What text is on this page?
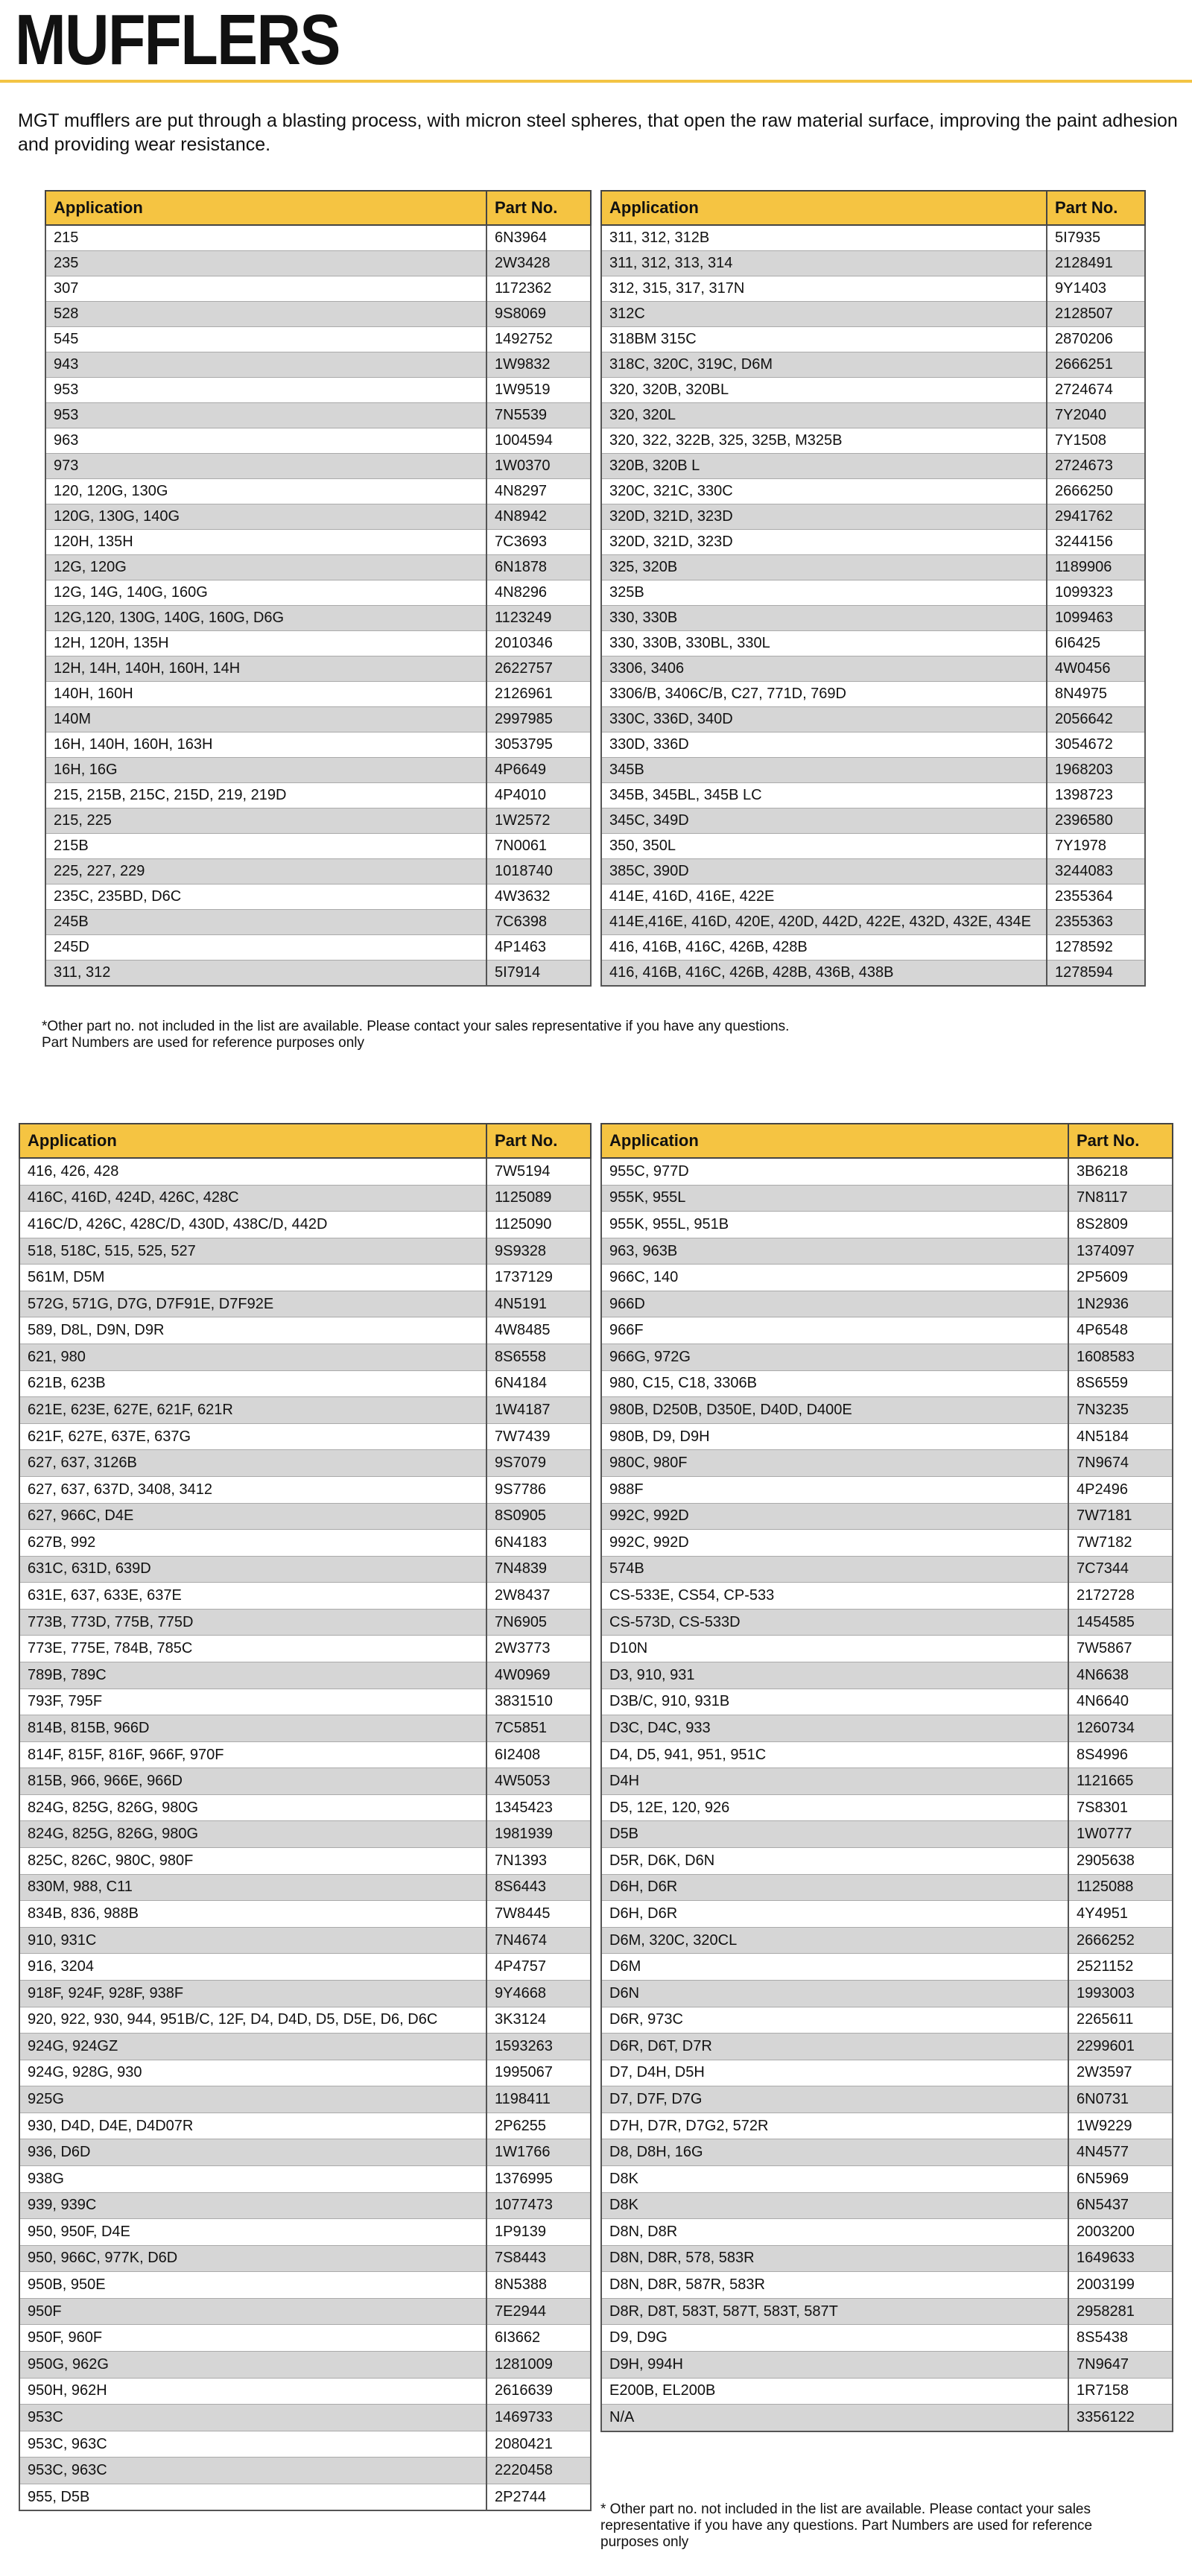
MUFFLERS

MGT mufflers are put through a blasting process, with micron steel spheres, that open the raw material surface, improving the paint adhesion and providing wear resistance.

Application	Part No.
215	6N3964
235	2W3428
307	1172362
528	9S8069
545	1492752
943	1W9832
953	1W9519
953	7N5539
963	1004594
973	1W0370
120, 120G, 130G	4N8297
120G, 130G, 140G	4N8942
120H, 135H	7C3693
12G, 120G	6N1878
12G, 14G, 140G, 160G	4N8296
12G,120, 130G, 140G, 160G, D6G	1123249
12H, 120H, 135H	2010346
12H, 14H, 140H, 160H, 14H	2622757
140H, 160H	2126961
140M	2997985
16H, 140H, 160H, 163H	3053795
16H, 16G	4P6649
215, 215B, 215C, 215D, 219, 219D	4P4010
215, 225	1W2572
215B	7N0061
225, 227, 229	1018740
235C, 235BD, D6C	4W3632
245B	7C6398
245D	4P1463
311, 312	5I7914
Application	Part No.
311, 312, 312B	5I7935
311, 312, 313, 314	2128491
312, 315, 317, 317N	9Y1403
312C	2128507
318BM 315C	2870206
318C, 320C, 319C, D6M	2666251
320, 320B, 320BL	2724674
320, 320L	7Y2040
320, 322, 322B, 325, 325B, M325B	7Y1508
320B, 320B L	2724673
320C, 321C, 330C	2666250
320D, 321D, 323D	2941762
320D, 321D, 323D	3244156
325, 320B	1189906
325B	1099323
330, 330B	1099463
330, 330B, 330BL, 330L	6I6425
3306, 3406	4W0456
3306/B, 3406C/B, C27, 771D, 769D	8N4975
330C, 336D, 340D	2056642
330D, 336D	3054672
345B	1968203
345B, 345BL, 345B LC	1398723
345C, 349D	2396580
350, 350L	7Y1978
385C, 390D	3244083
414E, 416D, 416E, 422E	2355364
414E,416E, 416D, 420E, 420D, 442D, 422E, 432D, 432E, 434E	2355363
416, 416B, 416C, 426B, 428B	1278592
416, 416B, 416C, 426B, 428B, 436B, 438B	1278594
*Other part no. not included in the list are available. Please contact your sales representative if you have any questions.
Part Numbers are used for reference purposes only
Application	Part No.
416, 426, 428	7W5194
416C, 416D, 424D, 426C, 428C	1125089
416C/D, 426C, 428C/D, 430D, 438C/D, 442D	1125090
518, 518C, 515, 525, 527	9S9328
561M, D5M	1737129
572G, 571G, D7G, D7F91E, D7F92E	4N5191
589, D8L, D9N, D9R	4W8485
621, 980	8S6558
621B, 623B	6N4184
621E, 623E, 627E, 621F, 621R	1W4187
621F, 627E, 637E, 637G	7W7439
627, 637, 3126B	9S7079
627, 637, 637D, 3408, 3412	9S7786
627, 966C, D4E	8S0905
627B, 992	6N4183
631C, 631D, 639D	7N4839
631E, 637, 633E, 637E	2W8437
773B, 773D, 775B, 775D	7N6905
773E, 775E, 784B, 785C	2W3773
789B, 789C	4W0969
793F, 795F	3831510
814B, 815B, 966D	7C5851
814F, 815F, 816F, 966F, 970F	6I2408
815B, 966, 966E, 966D	4W5053
824G, 825G, 826G, 980G	1345423
824G, 825G, 826G, 980G	1981939
825C, 826C, 980C, 980F	7N1393
830M, 988, C11	8S6443
834B, 836, 988B	7W8445
910, 931C	7N4674
916, 3204	4P4757
918F, 924F, 928F, 938F	9Y4668
920, 922, 930, 944, 951B/C, 12F, D4, D4D, D5, D5E, D6, D6C	3K3124
924G, 924GZ	1593263
924G, 928G, 930	1995067
925G	1198411
930, D4D, D4E, D4D07R	2P6255
936, D6D	1W1766
938G	1376995
939, 939C	1077473
950, 950F, D4E	1P9139
950, 966C, 977K, D6D	7S8443
950B, 950E	8N5388
950F	7E2944
950F, 960F	6I3662
950G, 962G	1281009
950H, 962H	2616639
953C	1469733
953C, 963C	2080421
953C, 963C	2220458
955, D5B	2P2744
Application	Part No.
955C, 977D	3B6218
955K, 955L	7N8117
955K, 955L, 951B	8S2809
963, 963B	1374097
966C, 140	2P5609
966D	1N2936
966F	4P6548
966G, 972G	1608583
980, C15, C18, 3306B	8S6559
980B, D250B, D350E, D40D, D400E	7N3235
980B, D9, D9H	4N5184
980C, 980F	7N9674
988F	4P2496
992C, 992D	7W7181
992C, 992D	7W7182
574B	7C7344
CS-533E, CS54, CP-533	2172728
CS-573D, CS-533D	1454585
D10N	7W5867
D3, 910, 931	4N6638
D3B/C, 910, 931B	4N6640
D3C, D4C, 933	1260734
D4, D5, 941, 951, 951C	8S4996
D4H	1121665
D5, 12E, 120, 926	7S8301
D5B	1W0777
D5R, D6K, D6N	2905638
D6H, D6R	1125088
D6H, D6R	4Y4951
D6M, 320C, 320CL	2666252
D6M	2521152
D6N	1993003
D6R, 973C	2265611
D6R, D6T, D7R	2299601
D7, D4H, D5H	2W3597
D7, D7F, D7G	6N0731
D7H, D7R, D7G2, 572R	1W9229
D8, D8H, 16G	4N4577
D8K	6N5969
D8K	6N5437
D8N, D8R	2003200
D8N, D8R, 578, 583R	1649633
D8N, D8R, 587R, 583R	2003199
D8R, D8T, 583T, 587T, 583T, 587T	2958281
D9, D9G	8S5438
D9H, 994H	7N9647
E200B, EL200B	1R7158
N/A	3356122

* Other part no. not included in the list are available. Please contact your sales representative if you have any questions. Part Numbers are used for reference purposes only
